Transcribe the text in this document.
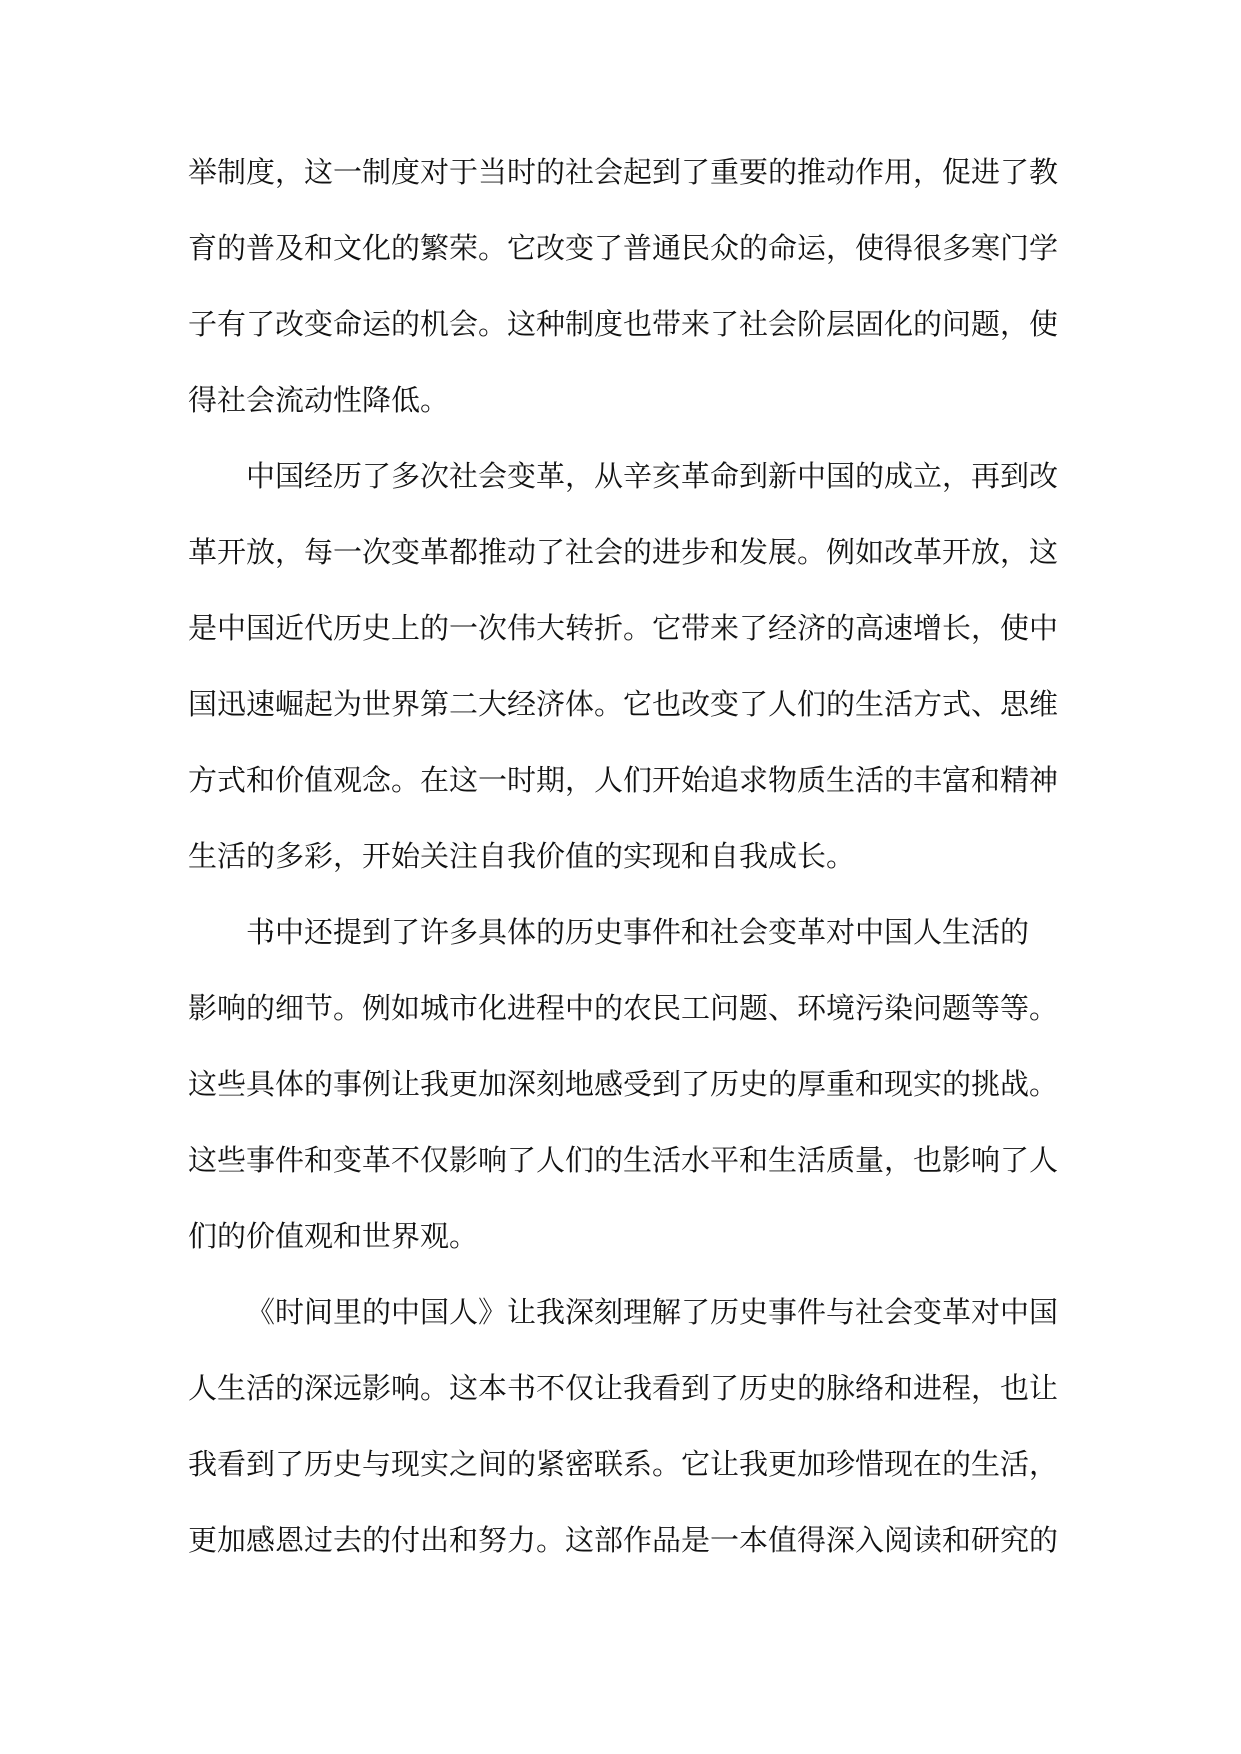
举制度，这一制度对于当时的社会起到了重要的推动作用，促进了教
育的普及和文化的繁荣。它改变了普通民众的命运，使得很多寒门学
子有了改变命运的机会。这种制度也带来了社会阶层固化的问题，使
得社会流动性降低。
中国经历了多次社会变革，从辛亥革命到新中国的成立，再到改
革开放，每一次变革都推动了社会的进步和发展。例如改革开放，这
是中国近代历史上的一次伟大转折。它带来了经济的高速增长，使中
国迅速崛起为世界第二大经济体。它也改变了人们的生活方式、思维
方式和价值观念。在这一时期，人们开始追求物质生活的丰富和精神
生活的多彩，开始关注自我价值的实现和自我成长。
书中还提到了许多具体的历史事件和社会变革对中国人生活的
影响的细节。例如城市化进程中的农民工问题、环境污染问题等等。
这些具体的事例让我更加深刻地感受到了历史的厚重和现实的挑战。
这些事件和变革不仅影响了人们的生活水平和生活质量，也影响了人
们的价值观和世界观。
《时间里的中国人》让我深刻理解了历史事件与社会变革对中国
人生活的深远影响。这本书不仅让我看到了历史的脉络和进程，也让
我看到了历史与现实之间的紧密联系。它让我更加珍惜现在的生活，
更加感恩过去的付出和努力。这部作品是一本值得深入阅读和研究的
